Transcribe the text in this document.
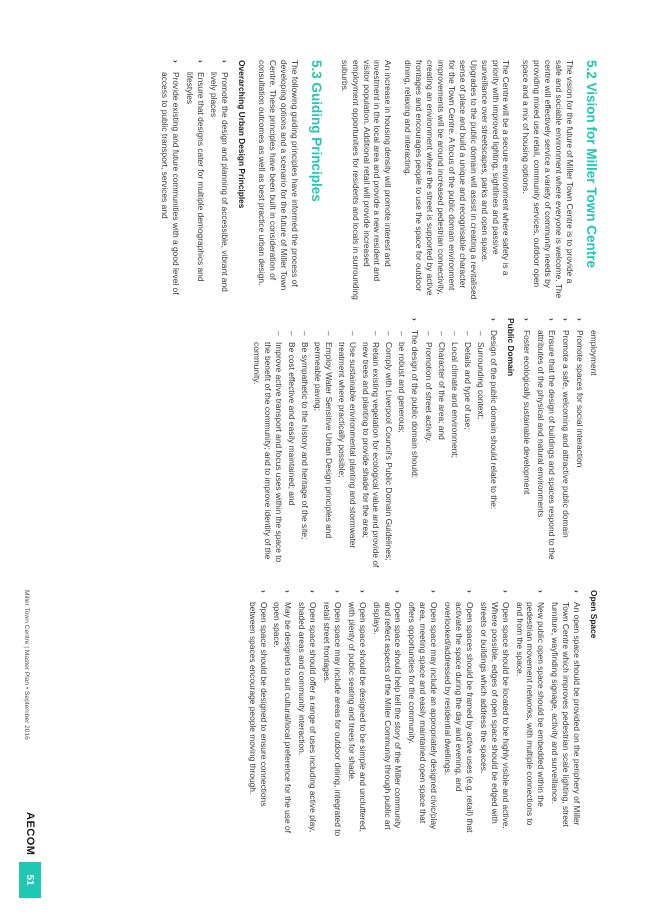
5.2 Vision for Miller Town Centre

The vision for the future of Miller Town Centre is to provide a safe and sociable environment where everyone is welcome. The centre will effectively service a variety of community needs by providing mixed use retail, community services, outdoor open space and a mix of housing options.

The Centre will be a secure environment where safety is a priority with improved lighting, sightlines and passive surveillance over streetscapes, parks and open space. Upgrades to the public domain will assist in creating a revitalised sense of place and build a unique and recognisable character for the Town Centre. A focus of the public domain environment improvements will be around increased pedestrian connectivity, creating an environment where the street is supported by active frontages and encourages people to use the space for outdoor dining, relaxing and interacting.

An increase in housing density will promote interest and investment in the local area and provide a new resident and visitor population. Additional retail will provide increased employment opportunities for residents and locals in surrounding suburbs.

5.3 Guiding Principles

The following guiding principles have informed the process of developing options and a scenario for the future of Miller Town Centre. These principles have been built in consideration of consultation outcomes as well as best practice urban design.

Overarching Urban Design Principles
›
Promote the design and planning of accessible, vibrant and lively places
›
Ensure that designs cater for multiple demographics and lifestyles
›
Provide existing and future communities with a good level of access to public transport, services and
employment
›
Promote spaces for social interaction
›
Promote a safe, welcoming and attractive public domain
›
Ensure that the design of buildings and spaces respond to the attributes of the physical and natural environments
›
Foster ecologically sustainable development
Public Domain
›
Design of the public domain should relate to the:
–
Surrounding context;
–
Details and type of use;
–
Local climate and environment;
–
Character of the area; and
–
Promotion of street activity.
›
The design of the public domain should:
–
be robust and generous;
–
Comply with Liverpool Council's Public Domain Guidelines;
–
Retain existing vegetation for ecological value and provide of new trees and planting to provide shade for the area;
–
Use sustainable environmental planting and stormwater treatment where practically possible;
–
Employ Water Sensitive Urban Design principles and permeable paving;
–
Be sympathetic to the history and heritage of the site;
–
Be cost effective and easily maintained; and
–
Improve active transport and focus uses within the space to the benefit of the community; and to improve identity of the community.
Open Space
›
An open space should be provided on the periphery of Miller Town Centre which improves pedestrian scale lighting, street furniture, wayfinding signage, activity and surveillance.
›
New public open space should be embedded within the pedestrian movement networks, with multiple connections to and from the space.
›
Open space should be located to be highly visible and active. Where possible, edges of open space should be edged with streets or buildings which address the spaces.
›
Open spaces should be framed by active uses (e.g. retail) that activate the space during the day and evening, and overlooked/addressed by residential dwellings.
›
Open space may include an appropriately designed civic/play area, meeting space and easily maintained open space that offers opportunities for the community.
›
Open space should help tell the story of the Miller community and reflect aspects of the Miller Community through public art displays.
›
Open space should be designed to be simple and uncluttered, with plenty of public seating and trees for shade.
›
Open space may include areas for outdoor dining, integrated to retail street frontages.
›
Open space should offer a range of uses including active play, shaded areas and community interaction.
›
May be designed to suit cultural/local preference for the use of open space.
›
Open space should be designed to ensure connections between spaces encourage people moving through.
Miller Town Centre | Master Plan • September 2016
AECOM
51
